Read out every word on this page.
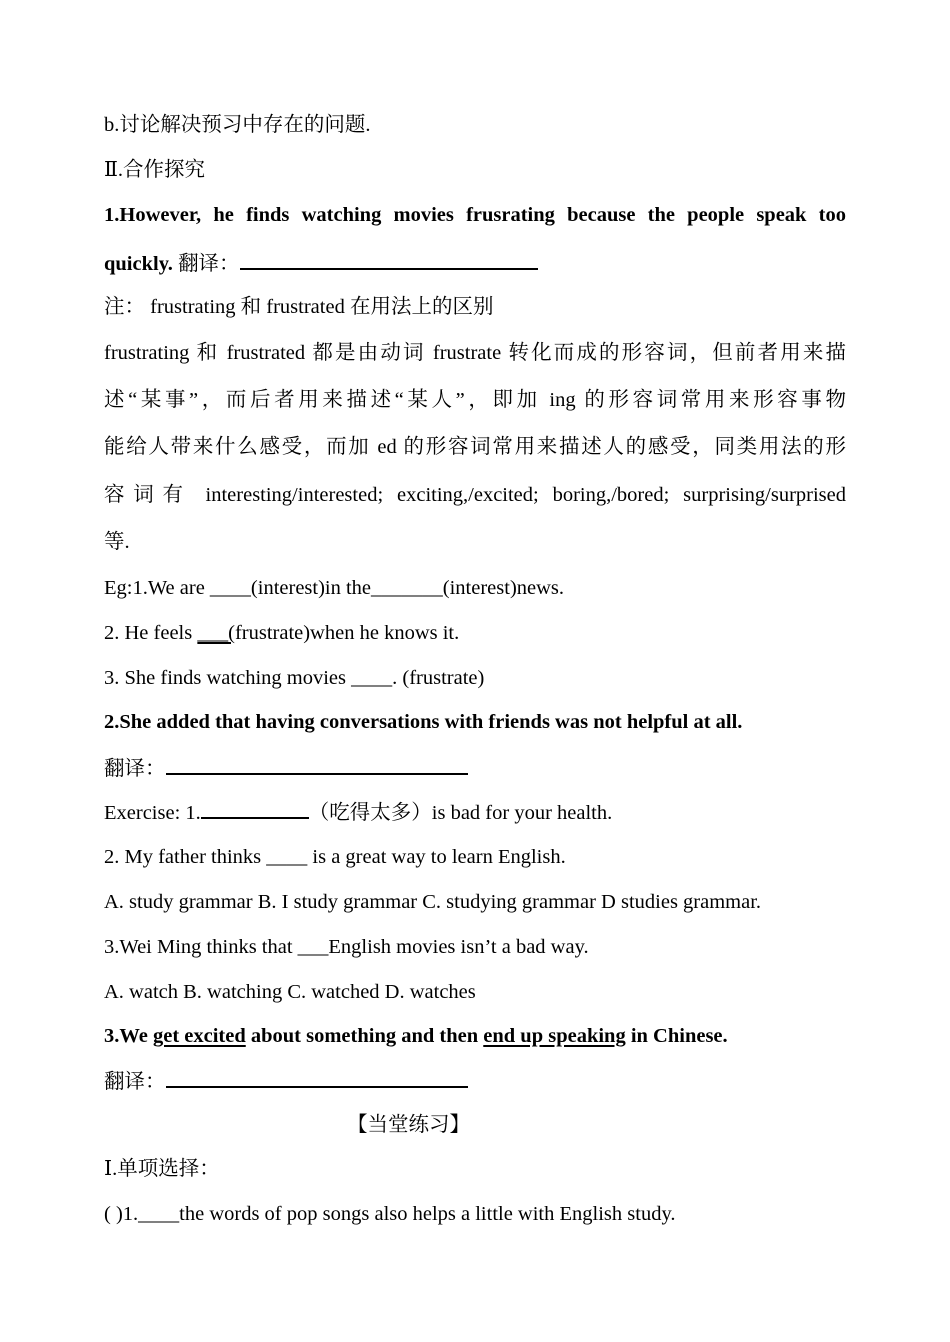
b.讨论解决预习中存在的问题.
Ⅱ.合作探究
1.However, he finds watching movies frusrating because the people speak too
quickly. 翻译：
注： frustrating 和 frustrated 在用法上的区别
frustrating 和 frustrated 都是由动词 frustrate 转化而成的形容词，但前者用来描
述“某事”，而后者用来描述“某人”，即加 ing 的形容词常用来形容事物
能给人带来什么感受，而加 ed 的形容词常用来描述人的感受，同类用法的形
容词有 interesting/interested; exciting,/excited; boring,/bored; surprising/surprised
等.
Eg:1.We are ____(interest)in the_______(interest)news.
2. He feels ___(frustrate)when he knows it.
3. She finds watching movies ____. (frustrate)
2.She added that having conversations with friends was not helpful at all.
翻译：
Exercise: 1.	（吃得太多）is bad for your health.
2. My father thinks ____ is a great way to learn English.
A. study grammar B. I study grammar C. studying grammar D studies grammar.
3.Wei Ming thinks that ___English movies isn’t a bad way.
A. watch B. watching C. watched D. watches
3.We get excited about something and then end up speaking in Chinese.
翻译：
【当堂练习】
Ⅰ.单项选择：
( )1.____the words of pop songs also helps a little with English study.
